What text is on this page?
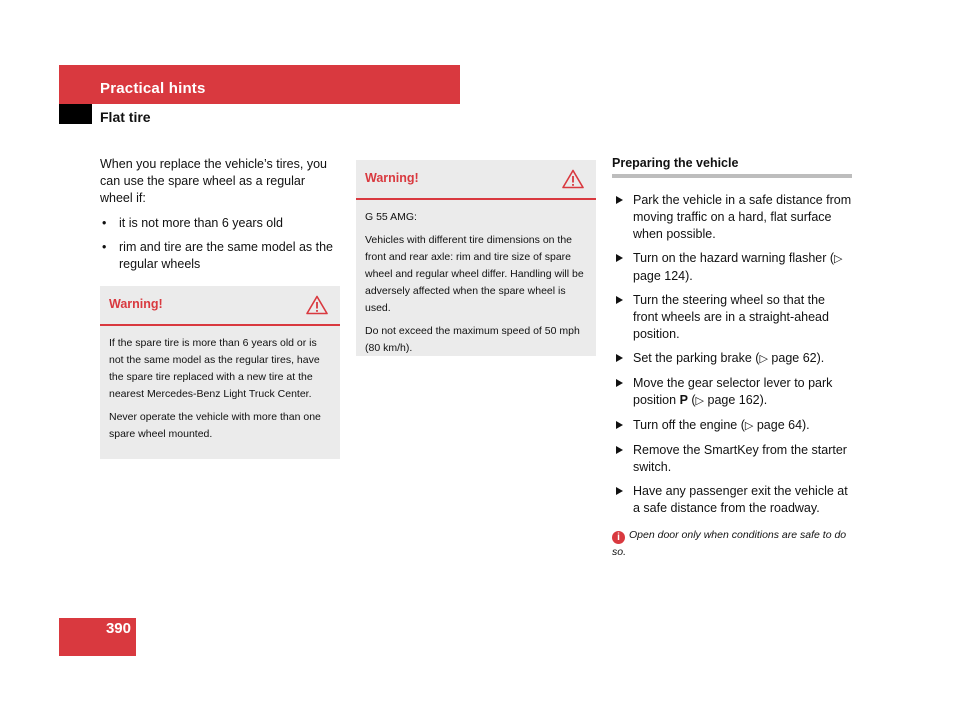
Practical hints
Flat tire

When you replace the vehicle’s tires, you can use the spare wheel as a regular wheel if:

• it is not more than 6 years old
• rim and tire are the same model as the regular wheels
Warning!

If the spare tire is more than 6 years old or is not the same model as the regular tires, have the spare tire replaced with a new tire at the nearest Mercedes-Benz Light Truck Center.

Never operate the vehicle with more than one spare wheel mounted.

Warning!

G 55 AMG:

Vehicles with different tire dimensions on the front and rear axle: rim and tire size of spare wheel and regular wheel differ. Handling will be adversely affected when the spare wheel is used.

Do not exceed the maximum speed of 50 mph (80 km/h).

Preparing the vehicle
Park the vehicle in a safe distance from moving traffic on a hard, flat surface when possible.
Turn on the hazard warning flasher (▷ page 124).
Turn the steering wheel so that the front wheels are in a straight-ahead position.
Set the parking brake (▷ page 62).
Move the gear selector lever to park position P (▷ page 162).
Turn off the engine (▷ page 64).
Remove the SmartKey from the starter switch.
Have any passenger exit the vehicle at a safe distance from the roadway.
i Open door only when conditions are safe to do so.
390
